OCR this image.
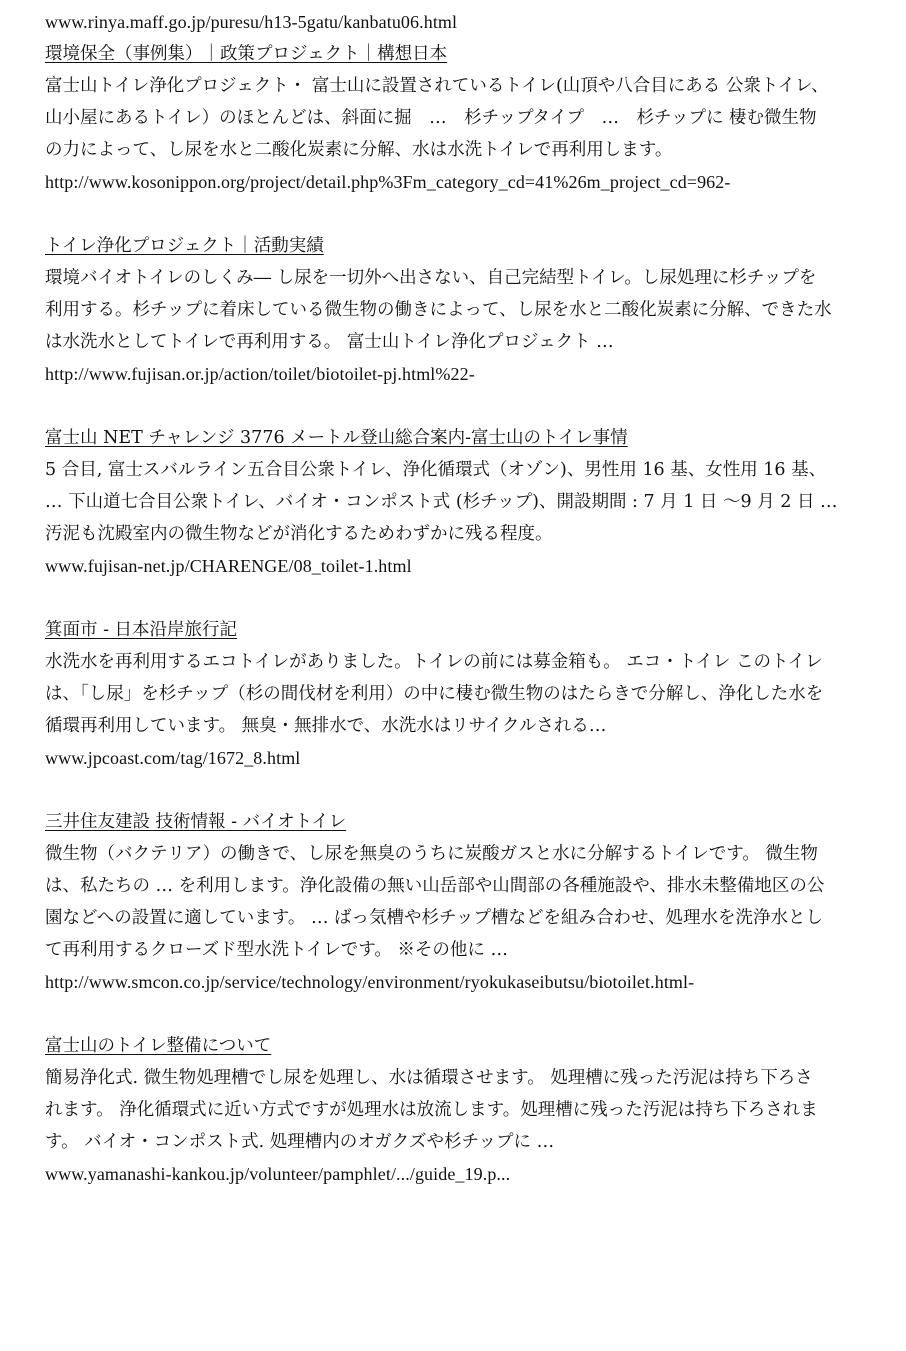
www.rinya.maff.go.jp/puresu/h13-5gatu/kanbatu06.html
環境保全（事例集）｜政策プロジェクト｜構想日本
富士山トイレ浄化プロジェクト・ 富士山に設置されているトイレ(山頂や八合目にある 公衆トイレ、
山小屋にあるトイレ）のほとんどは、斜面に掘　…　杉チップタイプ　…　杉チップに 棲む微生物
の力によって、し尿を水と二酸化炭素に分解、水は水洗トイレで再利用します。
http://www.kosonippon.org/project/detail.php%3Fm_category_cd=41%26m_project_cd=962-
トイレ浄化プロジェクト｜活動実績
環境バイオトイレのしくみ― し尿を一切外へ出さない、自己完結型トイレ。し尿処理に杉チップを
利用する。杉チップに着床している微生物の働きによって、し尿を水と二酸化炭素に分解、できた水
は水洗水としてトイレで再利用する。 富士山トイレ浄化プロジェクト …
http://www.fujisan.or.jp/action/toilet/biotoilet-pj.html%22-
富士山 NET チャレンジ 3776 メートル登山総合案内-富士山のトイレ事情
5 合目, 富士スバルライン五合目公衆トイレ、浄化循環式（オゾン)、男性用 16 基、女性用 16 基、
… 下山道七合目公衆トイレ、バイオ・コンポスト式 (杉チップ)、開設期間 : 7 月 1 日 ～9 月 2 日 …
汚泥も沈殿室内の微生物などが消化するためわずかに残る程度。
www.fujisan-net.jp/CHARENGE/08_toilet-1.html
箕面市 - 日本沿岸旅行記
水洗水を再利用するエコトイレがありました。トイレの前には募金箱も。 エコ・トイレ このトイレ
は、「し尿」を杉チップ（杉の間伐材を利用）の中に棲む微生物のはたらきで分解し、浄化した水を
循環再利用しています。 無臭・無排水で、水洗水はリサイクルされる…
www.jpcoast.com/tag/1672_8.html
三井住友建設 技術情報 - バイオトイレ
微生物（バクテリア）の働きで、し尿を無臭のうちに炭酸ガスと水に分解するトイレです。 微生物
は、私たちの … を利用します。浄化設備の無い山岳部や山間部の各種施設や、排水未整備地区の公
園などへの設置に適しています。 … ばっ気槽や杉チップ槽などを組み合わせ、処理水を洗浄水とし
て再利用するクローズド型水洗トイレです。 ※その他に …
http://www.smcon.co.jp/service/technology/environment/ryokukaseibutsu/biotoilet.html-
富士山のトイレ整備について
簡易浄化式. 微生物処理槽でし尿を処理し、水は循環させます。 処理槽に残った汚泥は持ち下ろさ
れます。 浄化循環式に近い方式ですが処理水は放流します。処理槽に残った汚泥は持ち下ろされま
す。 バイオ・コンポスト式. 処理槽内のオガクズや杉チップに …
www.yamanashi-kankou.jp/volunteer/pamphlet/.../guide_19.p...
